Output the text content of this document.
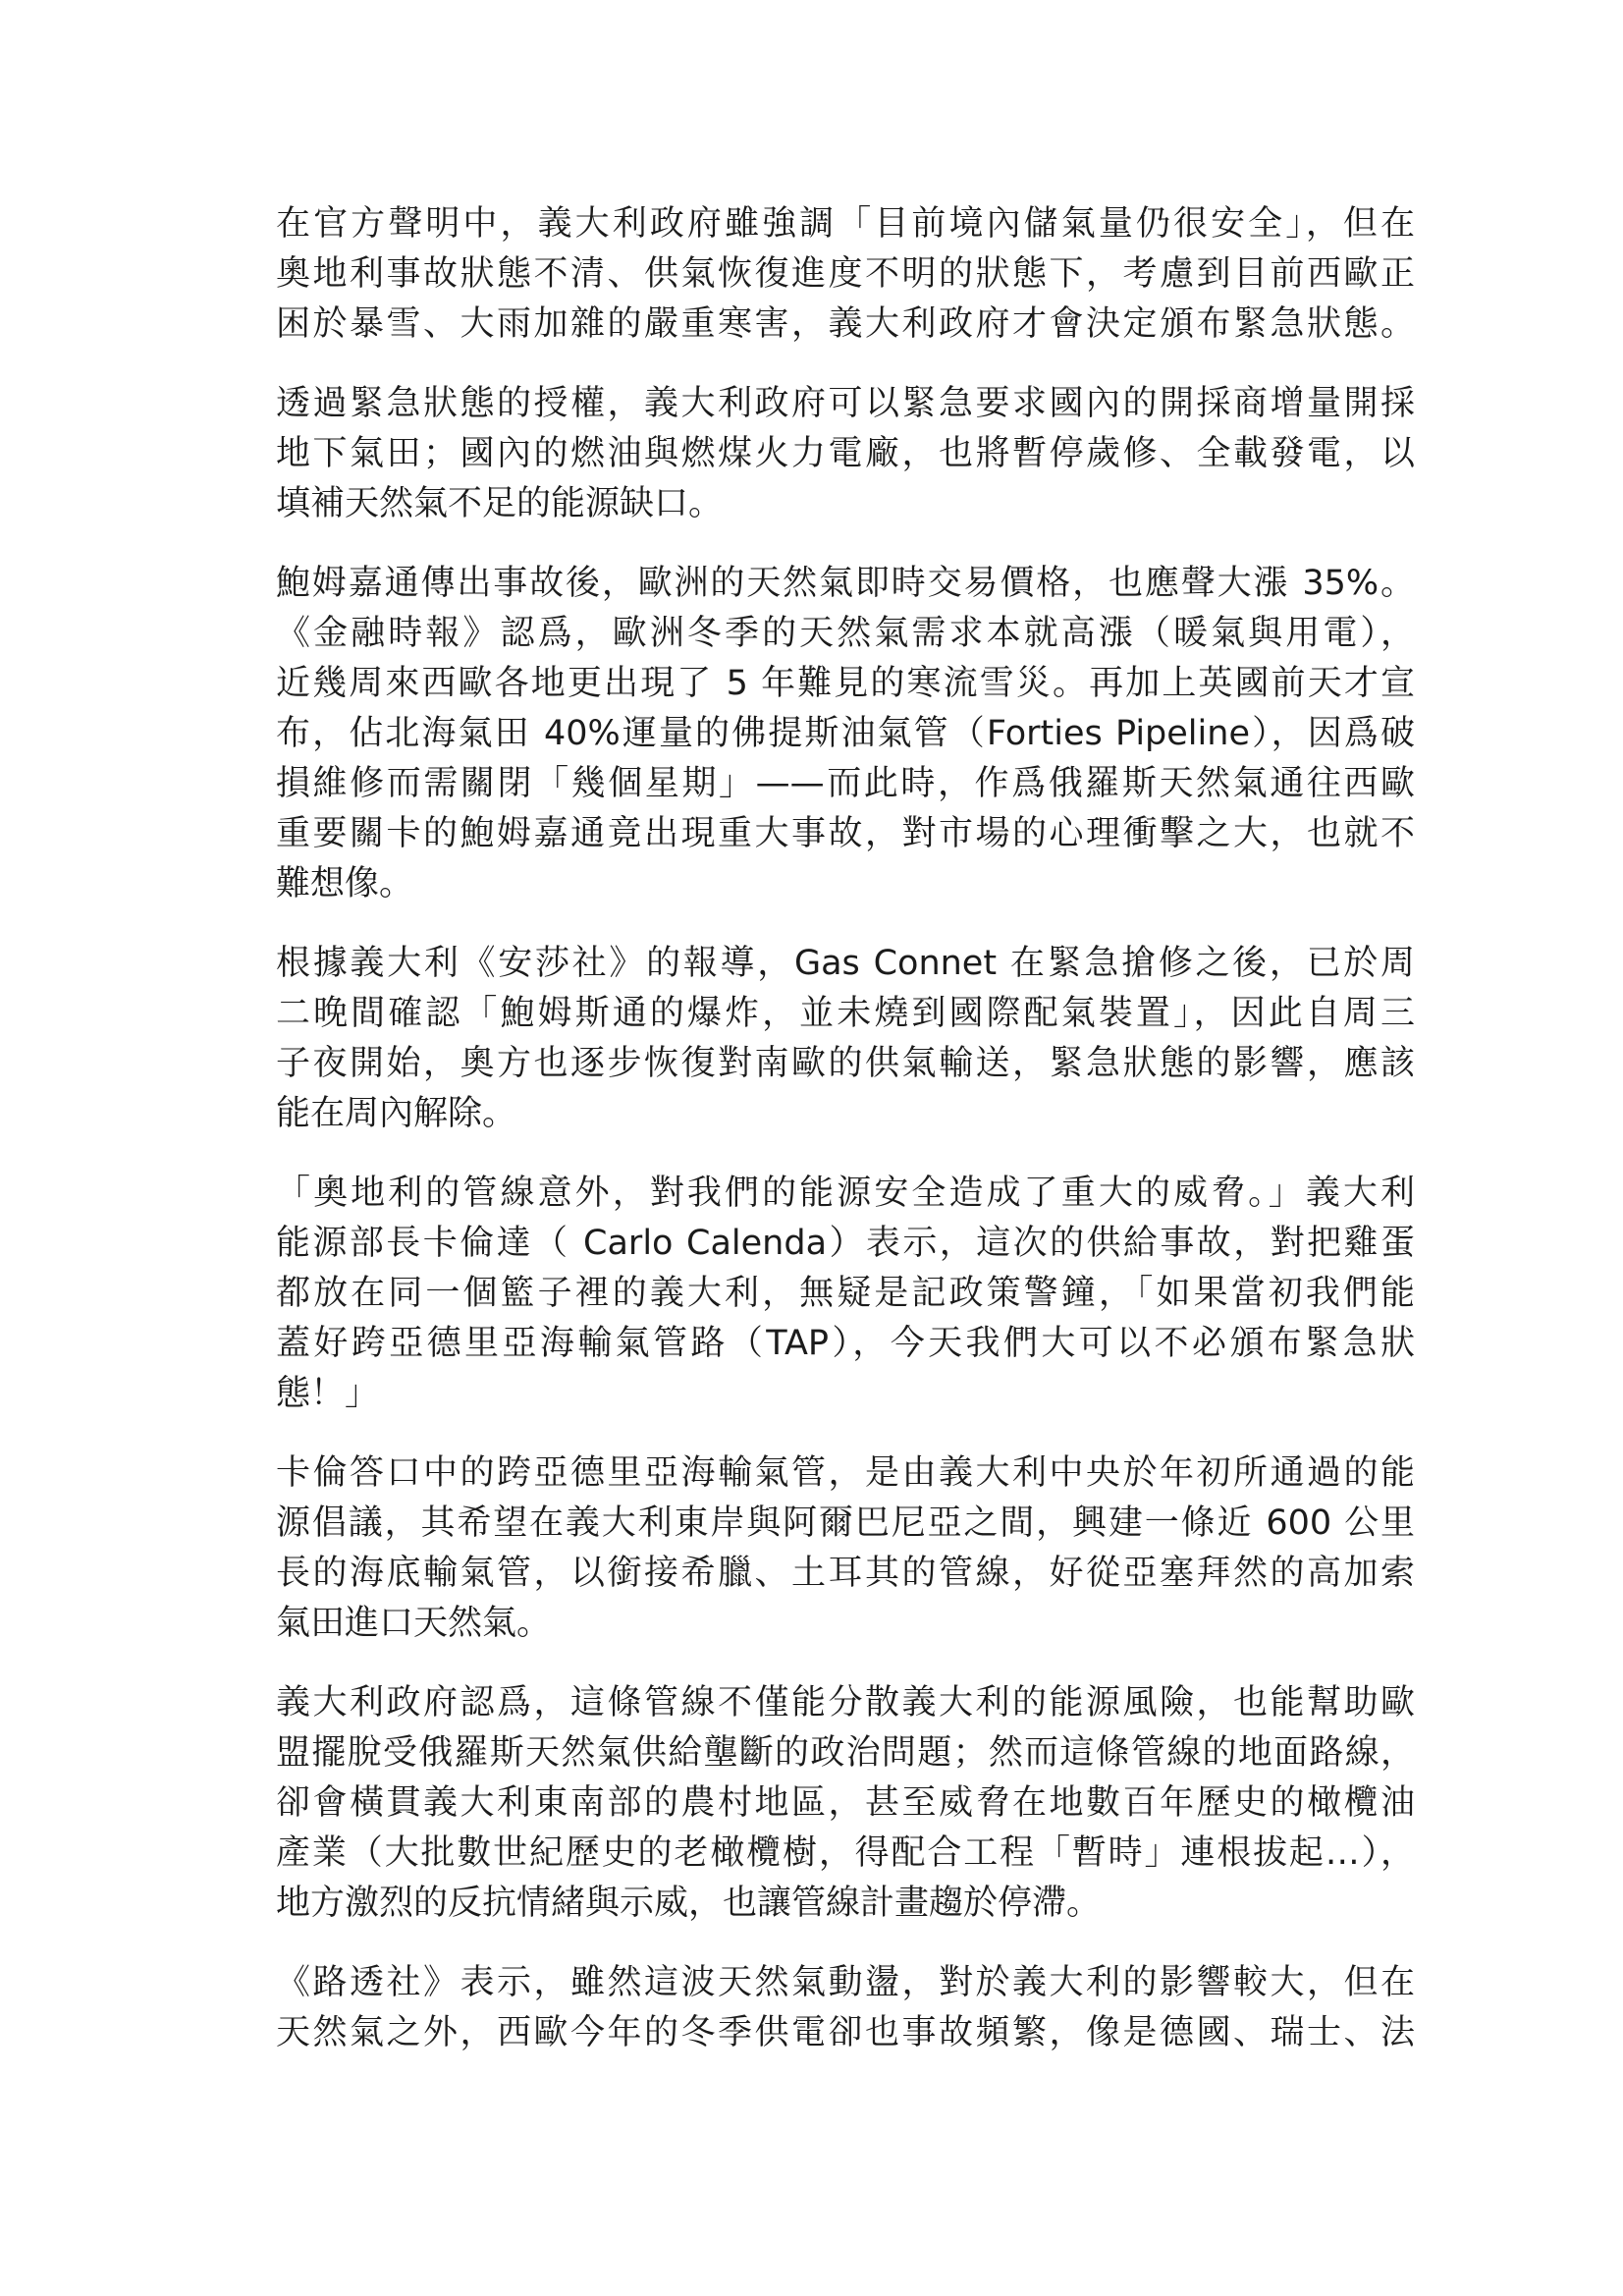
在官方聲明中，義大利政府雖強調「目前境內儲氣量仍很安全」，但在
奧地利事故狀態不清、供氣恢復進度不明的狀態下，考慮到目前西歐正
困於暴雪、大雨加雜的嚴重寒害，義大利政府才會決定頒布緊急狀態。
透過緊急狀態的授權，義大利政府可以緊急要求國內的開採商增量開採
地下氣田；國內的燃油與燃煤火力電廠，也將暫停歲修、全載發電，以
填補天然氣不足的能源缺口。
鮑姆嘉通傳出事故後，歐洲的天然氣即時交易價格，也應聲大漲 35%。
《金融時報》認爲，歐洲冬季的天然氣需求本就高漲（暖氣與用電），
近幾周來西歐各地更出現了 5 年難見的寒流雪災。再加上英國前天才宣
布，佔北海氣田 40%運量的佛提斯油氣管（Forties Pipeline），因爲破
損維修而需關閉「幾個星期」——而此時，作爲俄羅斯天然氣通往西歐
重要關卡的鮑姆嘉通竟出現重大事故，對市場的心理衝擊之大，也就不
難想像。
根據義大利《安莎社》的報導，Gas Connet 在緊急搶修之後，已於周
二晚間確認「鮑姆斯通的爆炸，並未燒到國際配氣裝置」，因此自周三
子夜開始，奧方也逐步恢復對南歐的供氣輸送，緊急狀態的影響，應該
能在周內解除。
「奧地利的管線意外，對我們的能源安全造成了重大的威脅。」義大利
能源部長卡倫達（ Carlo Calenda）表示，這次的供給事故，對把雞蛋
都放在同一個籃子裡的義大利，無疑是記政策警鐘，「如果當初我們能
蓋好跨亞德里亞海輸氣管路（TAP），今天我們大可以不必頒布緊急狀
態！」
卡倫答口中的跨亞德里亞海輸氣管，是由義大利中央於年初所通過的能
源倡議，其希望在義大利東岸與阿爾巴尼亞之間，興建一條近 600 公里
長的海底輸氣管，以銜接希臘、土耳其的管線，好從亞塞拜然的高加索
氣田進口天然氣。
義大利政府認爲，這條管線不僅能分散義大利的能源風險，也能幫助歐
盟擺脫受俄羅斯天然氣供給壟斷的政治問題；然而這條管線的地面路線，
卻會橫貫義大利東南部的農村地區，甚至威脅在地數百年歷史的橄欖油
產業（大批數世紀歷史的老橄欖樹，得配合工程「暫時」連根拔起…），
地方激烈的反抗情緒與示威，也讓管線計畫趨於停滯。
《路透社》表示，雖然這波天然氣動盪，對於義大利的影響較大，但在
天然氣之外，西歐今年的冬季供電卻也事故頻繁，像是德國、瑞士、法
